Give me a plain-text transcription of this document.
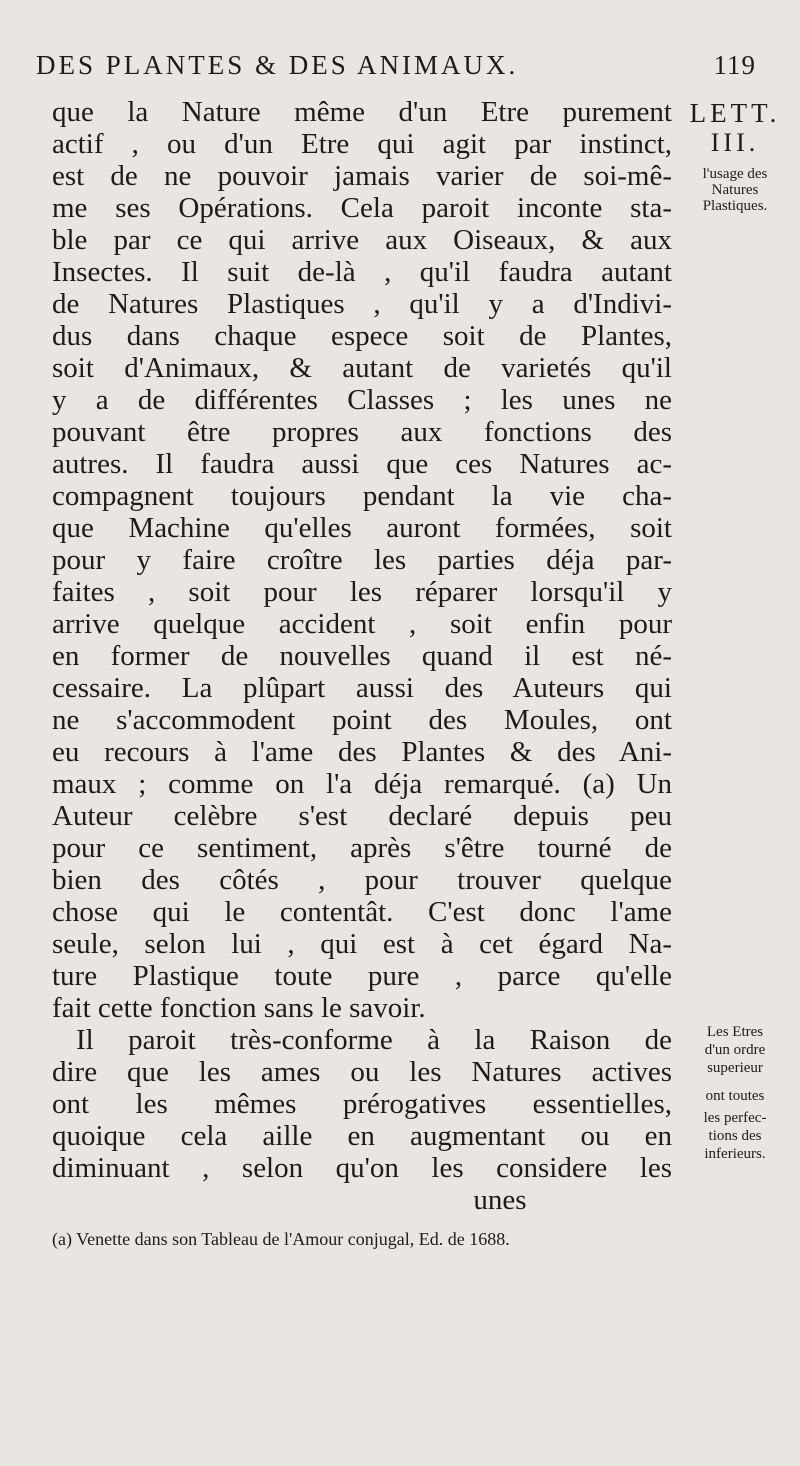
DES PLANTES & DES ANIMAUX.	119
que la Nature même d'un Etre purement
actif , ou d'un Etre qui agit par instinct,
est de ne pouvoir jamais varier de soi-mê-
me ses Opérations. Cela paroit inconte sta-
ble par ce qui arrive aux Oiseaux, & aux
Insectes. Il suit de-là , qu'il faudra autant
de Natures Plastiques , qu'il y a d'Indivi-
dus dans chaque espece soit de Plantes,
soit d'Animaux, & autant de varietés qu'il
y a de différentes Classes ; les unes ne
pouvant être propres aux fonctions des
autres. Il faudra aussi que ces Natures ac-
compagnent toujours pendant la vie cha-
que Machine qu'elles auront formées, soit
pour y faire croître les parties déja par-
faites , soit pour les réparer lorsqu'il y
arrive quelque accident , soit enfin pour
en former de nouvelles quand il est né-
cessaire. La plûpart aussi des Auteurs qui
ne s'accommodent point des Moules, ont
eu recours à l'ame des Plantes & des Ani-
maux ; comme on l'a déja remarqué. (a) Un
Auteur celèbre s'est declaré depuis peu
pour ce sentiment, après s'être tourné de
bien des côtés , pour trouver quelque
chose qui le contentât. C'est donc l'ame
seule, selon lui , qui est à cet égard Na-
ture Plastique toute pure , parce qu'elle
fait cette fonction sans le savoir.
Il paroit très-conforme à la Raison de
dire que les ames ou les Natures actives
ont les mêmes prérogatives essentielles,
quoique cela aille en augmentant ou en
diminuant , selon qu'on les considere les
unes
LETT.
III.
l'usage des
Natures
Plastiques.
Les Etres
d'un ordre
superieur
ont toutes
les perfec-
tions des
inferieurs.
(a) Venette dans son Tableau de l'Amour conjugal, Ed. de 1688.
